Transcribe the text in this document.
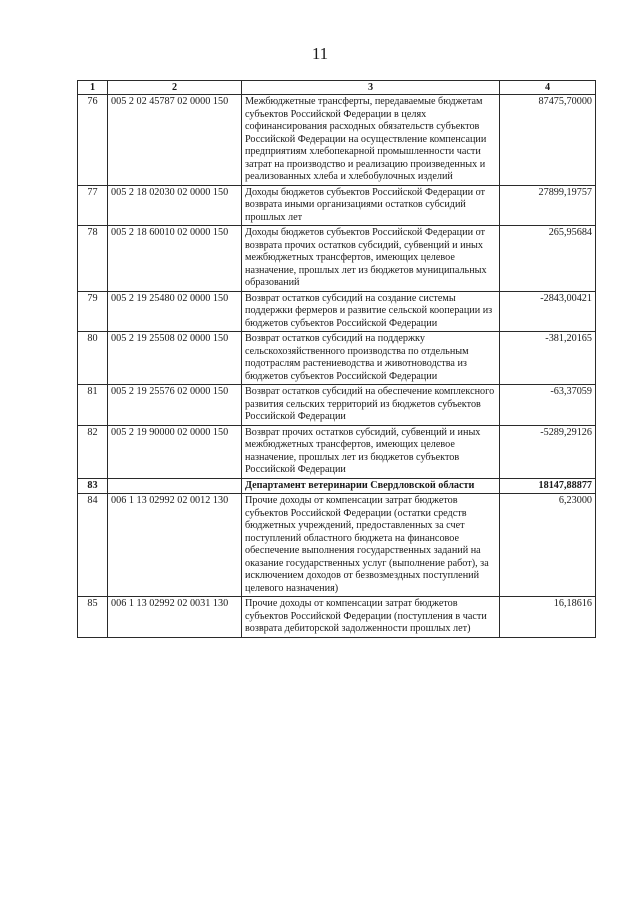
11
1	2	3	4
76	005 2 02 45787 02 0000 150	Межбюджетные трансферты, передаваемые бюджетам субъектов Российской Федерации в целях софинансирования расходных обязательств субъектов Российской Федерации на осуществление компенсации предприятиям хлебопекарной промышленности части затрат на производство и реализацию произведенных и реализованных хлеба и хлебобулочных изделий	87475,70000
77	005 2 18 02030 02 0000 150	Доходы бюджетов субъектов Российской Федерации от возврата иными организациями остатков субсидий прошлых лет	27899,19757
78	005 2 18 60010 02 0000 150	Доходы бюджетов субъектов Российской Федерации от возврата прочих остатков субсидий, субвенций и иных межбюджетных трансфертов, имеющих целевое назначение, прошлых лет из бюджетов муниципальных образований	265,95684
79	005 2 19 25480 02 0000 150	Возврат остатков субсидий на создание системы поддержки фермеров и развитие сельской кооперации из бюджетов субъектов Российской Федерации	-2843,00421
80	005 2 19 25508 02 0000 150	Возврат остатков субсидий на поддержку сельскохозяйственного производства по отдельным подотраслям растениеводства и животноводства из бюджетов субъектов Российской Федерации	-381,20165
81	005 2 19 25576 02 0000 150	Возврат остатков субсидий на обеспечение комплексного развития сельских территорий из бюджетов субъектов Российской Федерации	-63,37059
82	005 2 19 90000 02 0000 150	Возврат прочих остатков субсидий, субвенций и иных межбюджетных трансфертов, имеющих целевое назначение, прошлых лет из бюджетов субъектов Российской Федерации	-5289,29126
83		Департамент ветеринарии Свердловской области	18147,88877
84	006 1 13 02992 02 0012 130	Прочие доходы от компенсации затрат бюджетов субъектов Российской Федерации (остатки средств бюджетных учреждений, предоставленных за счет поступлений областного бюджета на финансовое обеспечение выполнения государственных заданий на оказание государственных услуг (выполнение работ), за исключением доходов от безвозмездных поступлений целевого назначения)	6,23000
85	006 1 13 02992 02 0031 130	Прочие доходы от компенсации затрат бюджетов субъектов Российской Федерации (поступления в части возврата дебиторской задолженности прошлых лет)	16,18616
